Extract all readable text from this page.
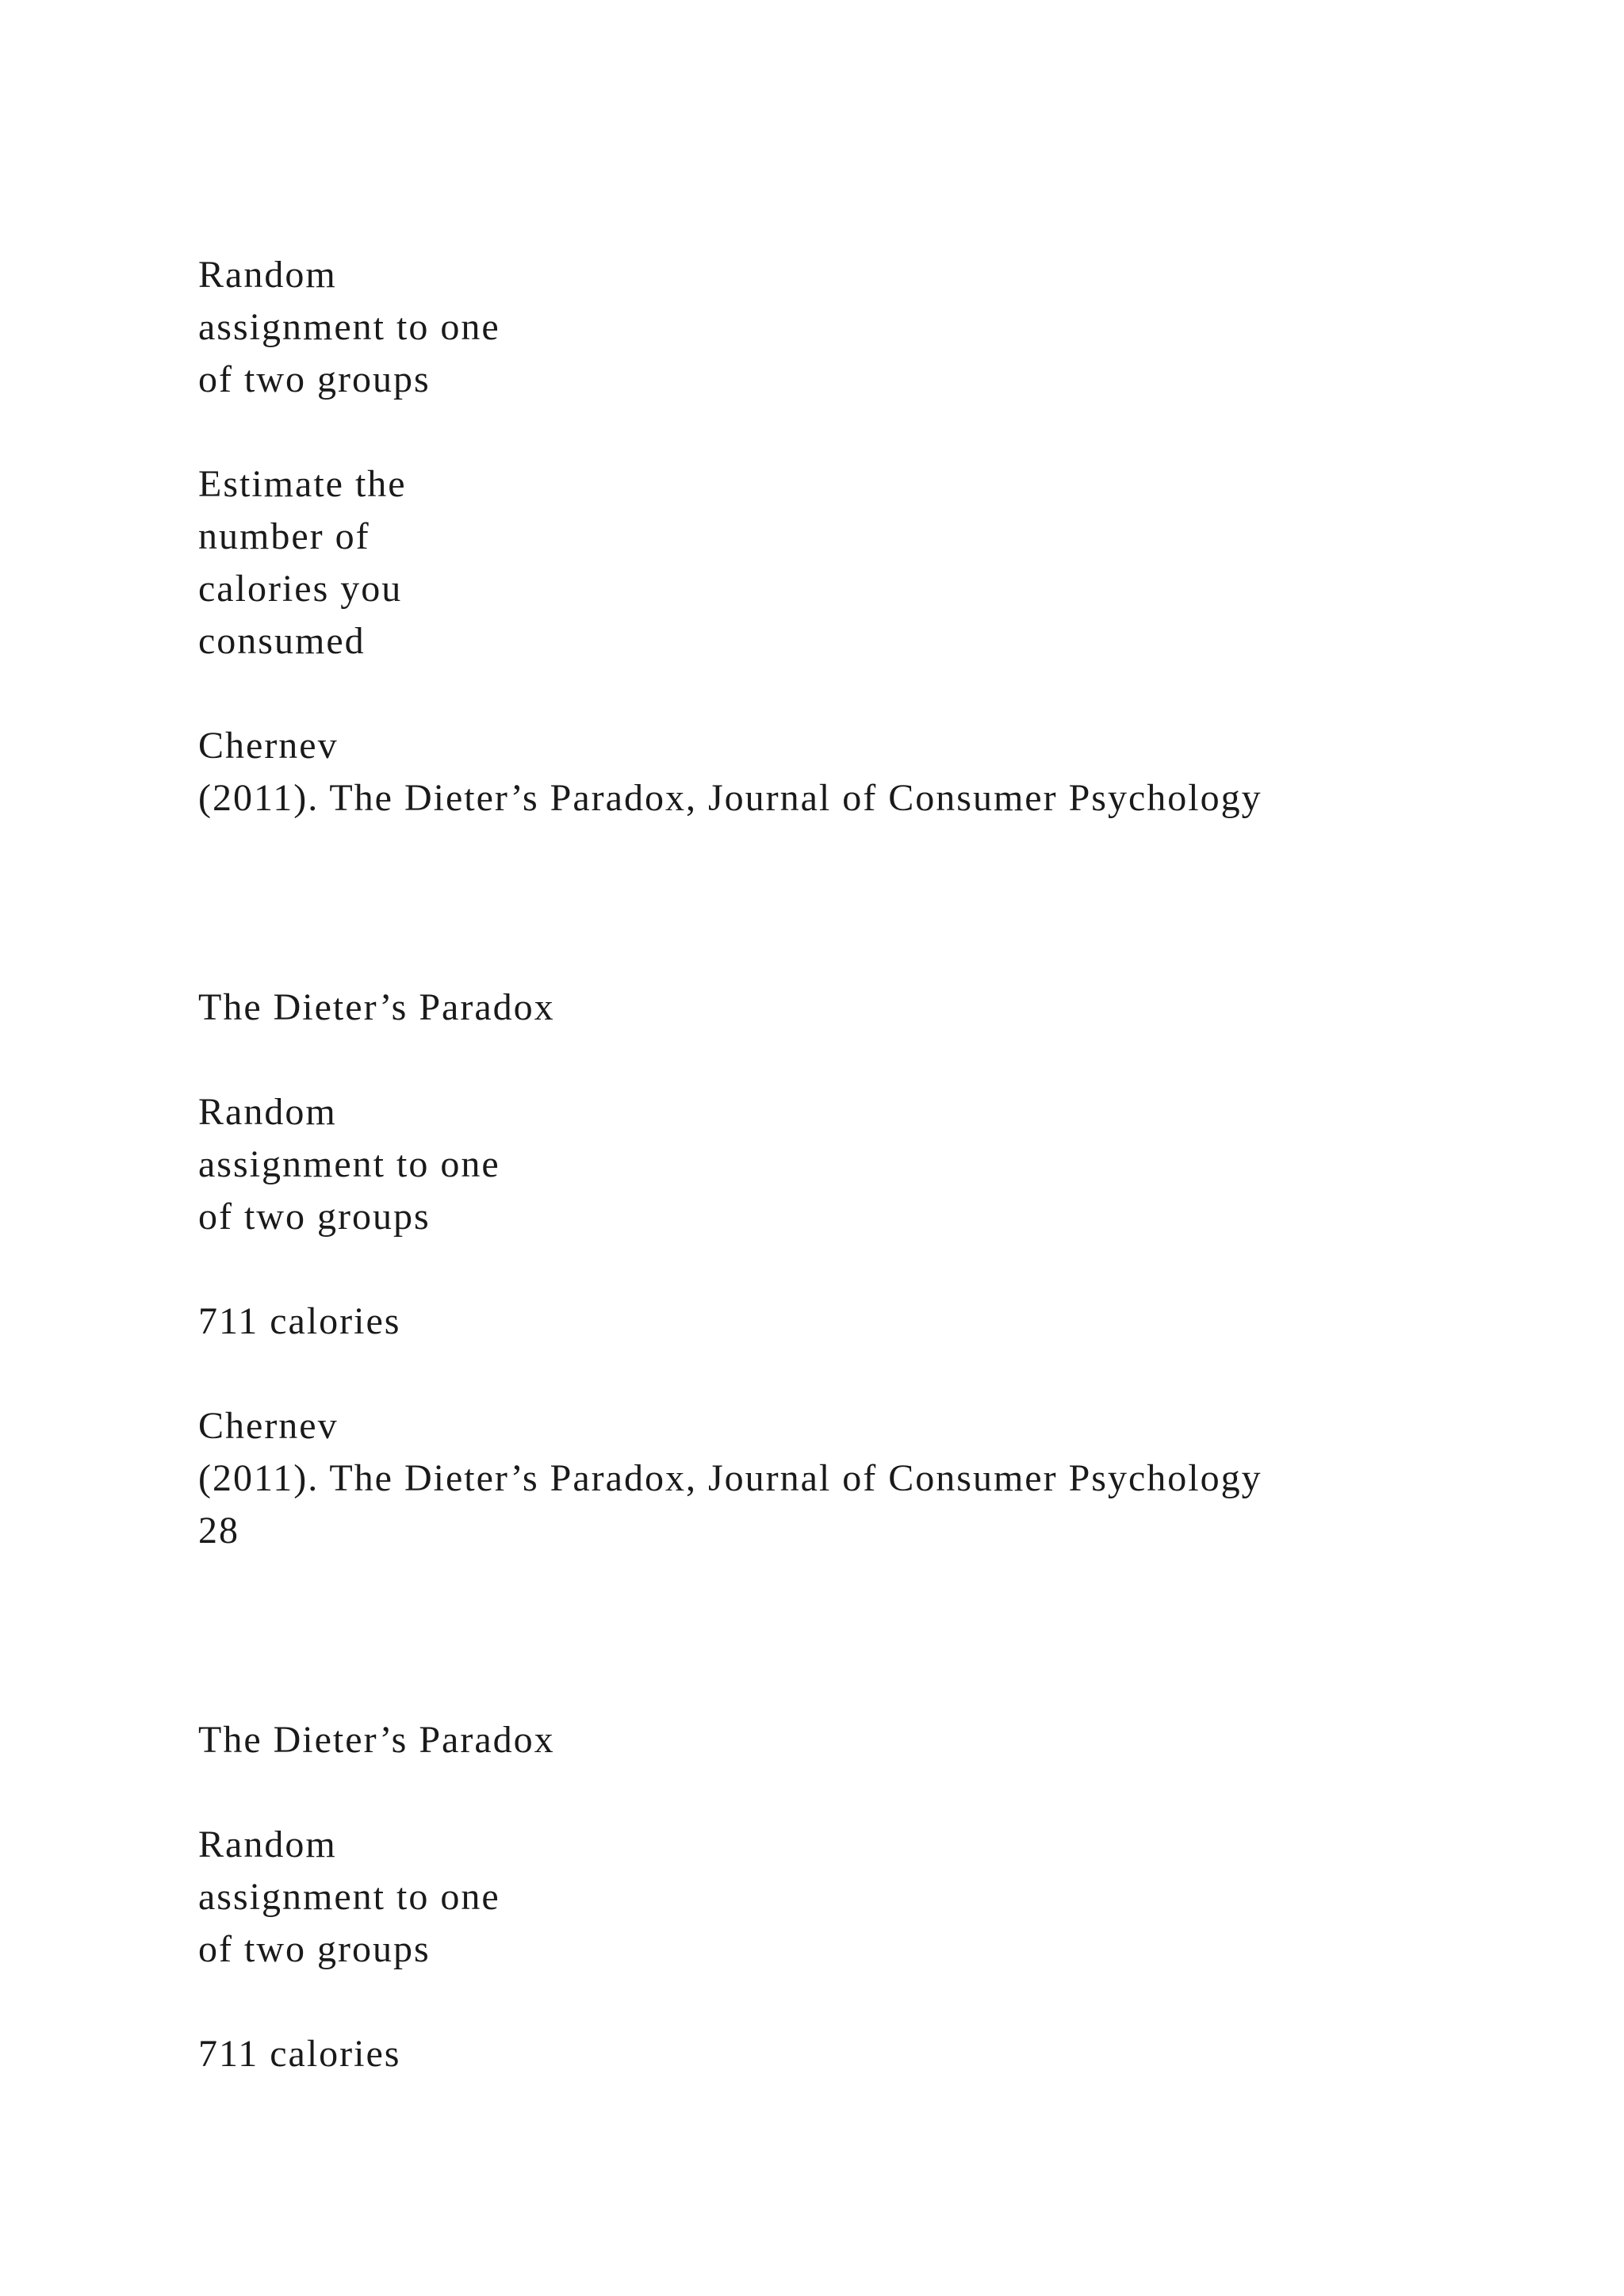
Random
assignment to one
of two groups
Estimate the
number of
calories you
consumed
Chernev
(2011). The Dieter’s Paradox, Journal of Consumer Psychology
The Dieter’s Paradox
Random
assignment to one
of two groups
711 calories
Chernev
(2011). The Dieter’s Paradox, Journal of Consumer Psychology
28
The Dieter’s Paradox
Random
assignment to one
of two groups
711 calories
